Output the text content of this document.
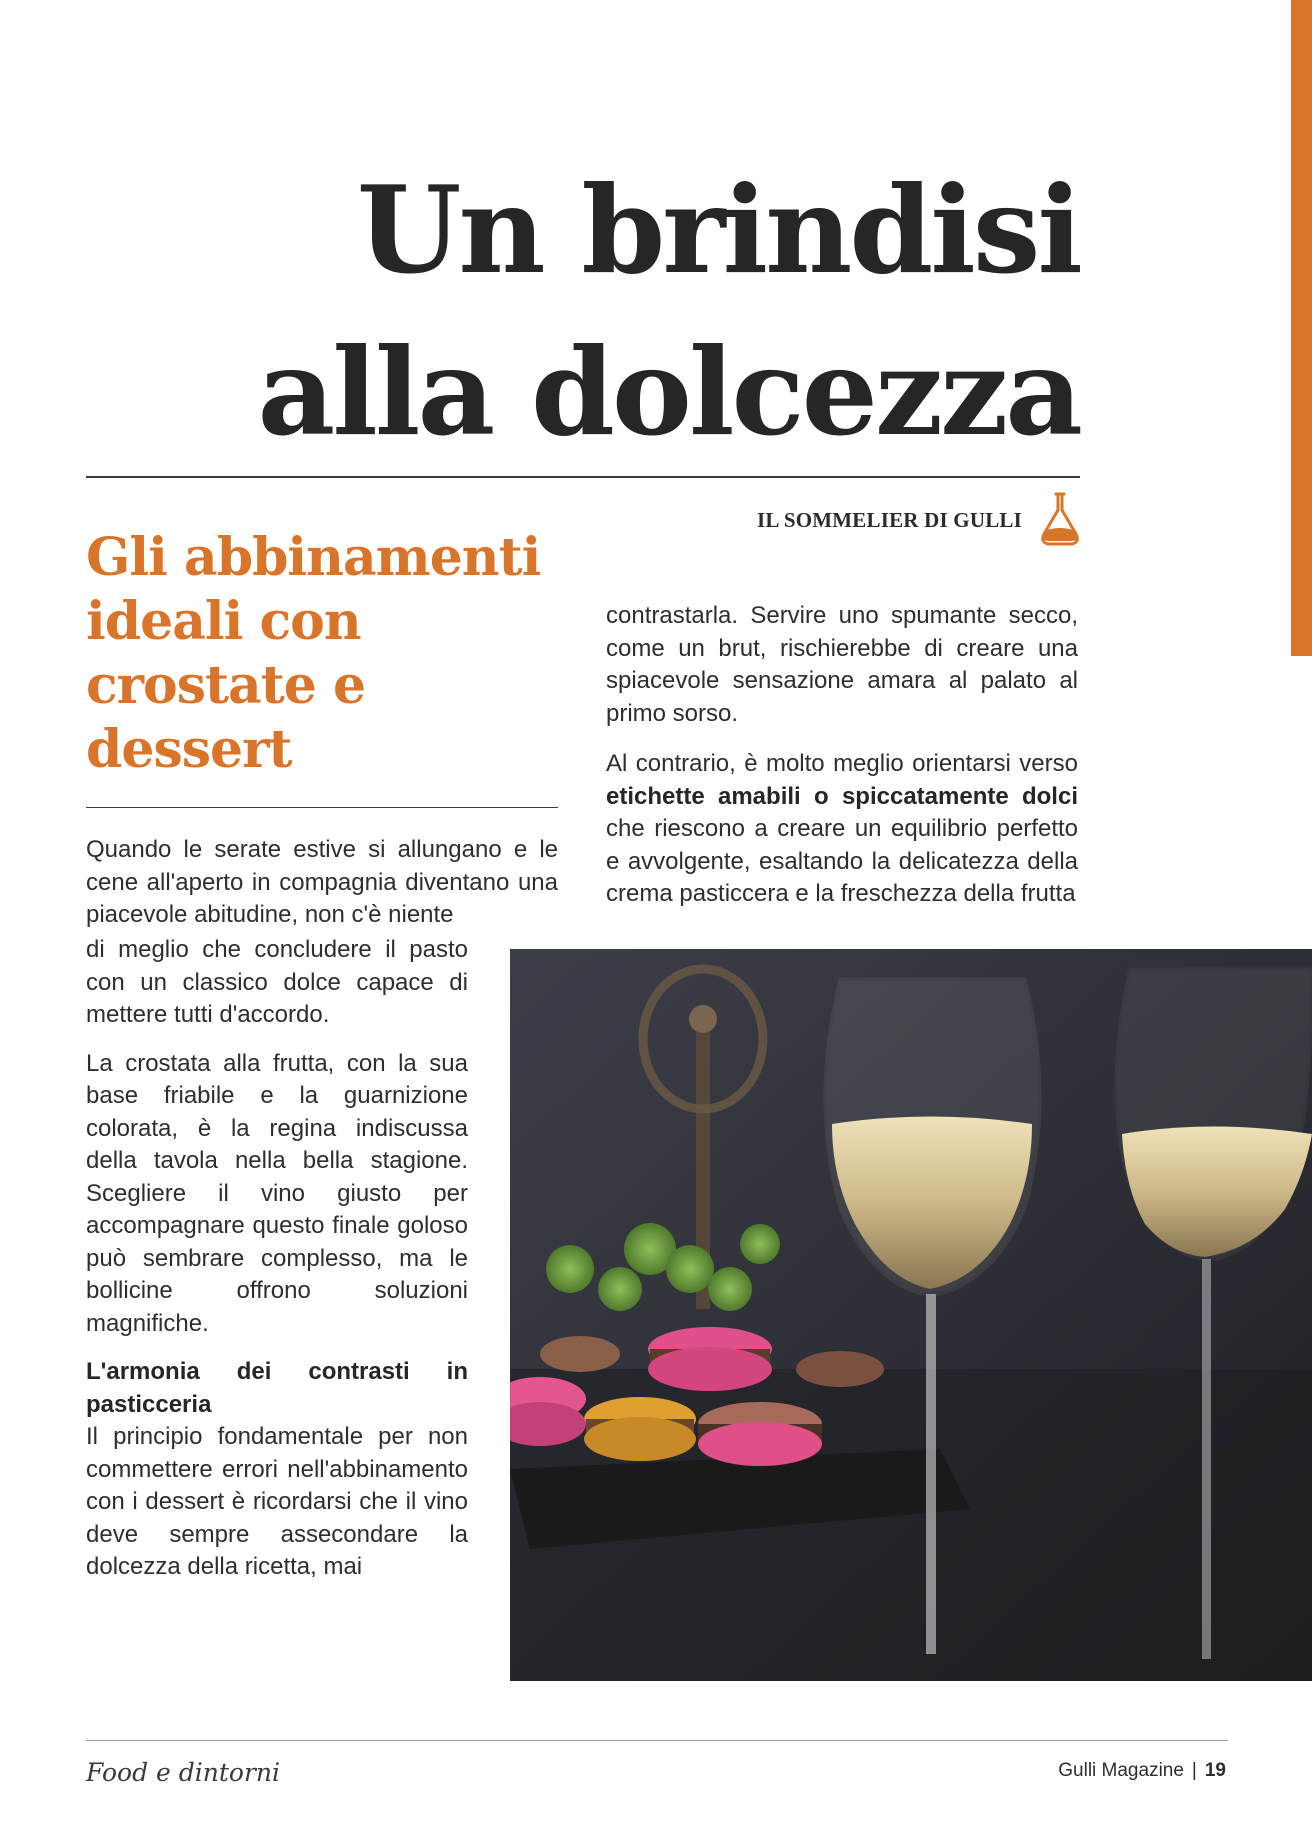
Un brindisi
alla dolcezza

IL SOMMELIER DI GULLI

Gli abbinamenti ideali con crostate e dessert

Quando le serate estive si allungano e le cene all'aperto in compagnia diventano una piacevole abitudine, non c'è niente

di meglio che concludere il pasto con un classico dolce capace di mettere tutti d'accordo.

La crostata alla frutta, con la sua base friabile e la guarnizione colorata, è la regina indiscussa della tavola nella bella stagione. Scegliere il vino giusto per accompagnare questo finale goloso può sembrare complesso, ma le bollicine offrono soluzioni magnifiche.

L'armonia dei contrasti in pasticceria

Il principio fondamentale per non commettere errori nell'abbinamento con i dessert è ricordarsi che il vino deve sempre assecondare la dolcezza della ricetta, mai

contrastarla. Servire uno spumante secco, come un brut, rischierebbe di creare una spiacevole sensazione amara al palato al primo sorso.

Al contrario, è molto meglio orientarsi verso etichette amabili o spiccatamente dolci che riescono a creare un equilibrio perfetto e avvolgente, esaltando la delicatezza della crema pasticcera e la freschezza della frutta

Food e dintorni	Gulli Magazine | 19
